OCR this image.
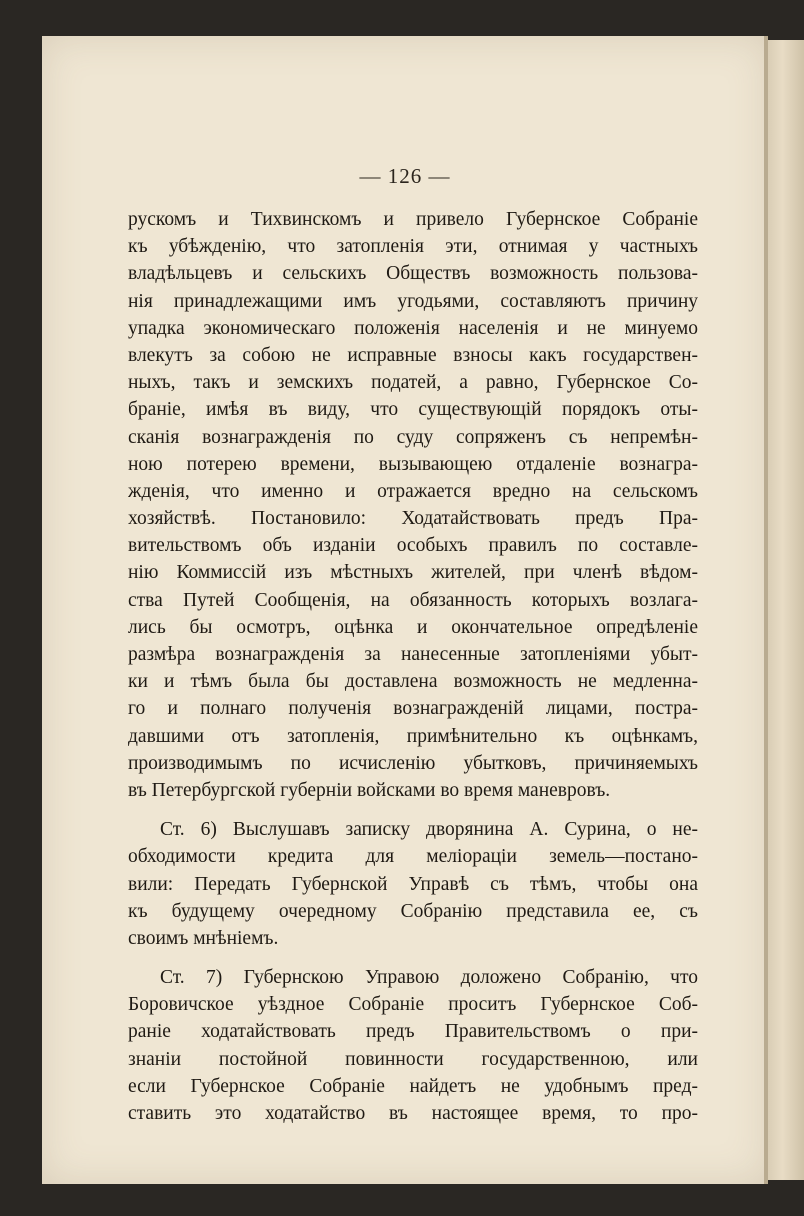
— 126 —
рускомъ и Тихвинскомъ и привело Губернское Собраніе
къ убѣжденію, что затопленія эти, отнимая у частныхъ
владѣльцевъ и сельскихъ Обществъ возможность пользова-
нія принадлежащими имъ угодьями, составляютъ причину
упадка экономическаго положенія населенія и не минуемо
влекутъ за собою не исправные взносы какъ государствен-
ныхъ, такъ и земскихъ податей, а равно, Губернское Со-
браніе, имѣя въ виду, что существующій порядокъ оты-
сканія вознагражденія по суду сопряженъ съ непремѣн-
ною потерею времени, вызывающею отдаленіе вознагра-
жденія, что именно и отражается вредно на сельскомъ
хозяйствѣ. Постановило: Ходатайствовать предъ Пра-
вительствомъ объ изданіи особыхъ правилъ по составле-
нію Коммиссій изъ мѣстныхъ жителей, при членѣ вѣдом-
ства Путей Сообщенія, на обязанность которыхъ возлага-
лись бы осмотръ, оцѣнка и окончательное опредѣленіе
размѣра вознагражденія за нанесенные затопленіями убыт-
ки и тѣмъ была бы доставлена возможность не медленна-
го и полнаго полученія вознагражденій лицами, постра-
давшими отъ затопленія, примѣнительно къ оцѣнкамъ,
производимымъ по исчисленію убытковъ, причиняемыхъ
въ Петербургской губерніи войсками во время маневровъ.
Ст. 6) Выслушавъ записку дворянина А. Сурина, о не-
обходимости кредита для меліораціи земель—постано-
вили: Передать Губернской Управѣ съ тѣмъ, чтобы она
къ будущему очередному Собранію представила ее, съ
своимъ мнѣніемъ.
Ст. 7) Губернскою Управою доложено Собранію, что
Боровичское уѣздное Собраніе проситъ Губернское Соб-
раніе ходатайствовать предъ Правительствомъ о при-
знаніи постойной повинности государственною, или
если Губернское Собраніе найдетъ не удобнымъ пред-
ставить это ходатайство въ настоящее время, то про-
